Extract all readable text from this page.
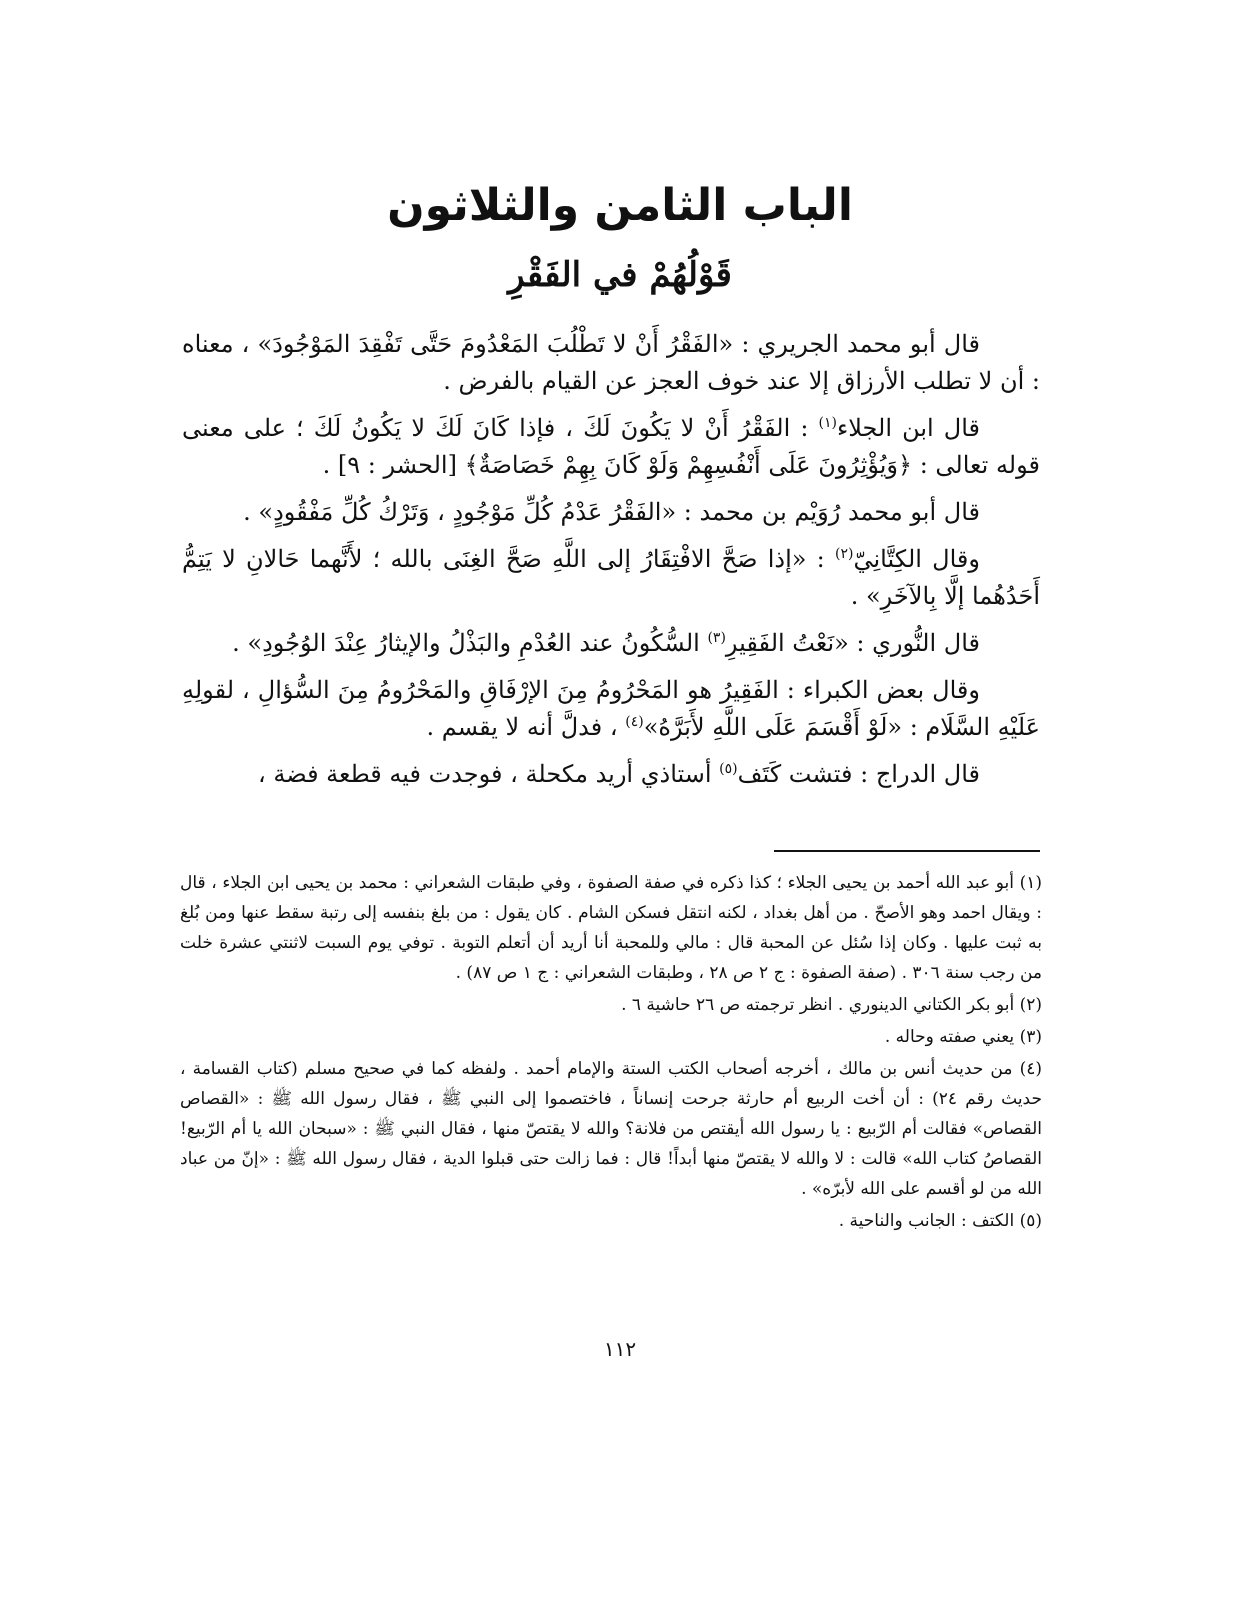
الباب الثامن والثلاثون
قَوْلُهُمْ في الفَقْرِ

قال أبو محمد الجريري : «الفَقْرُ أَنْ لا تَطْلُبَ المَعْدُومَ حَتَّى تَفْقِدَ المَوْجُودَ» ، معناه : أن لا تطلب الأرزاق إلا عند خوف العجز عن القيام بالفرض .

قال ابن الجلاء$^{(١)}$ : الفَقْرُ أَنْ لا يَكُونَ لَكَ ، فإذا كَانَ لَكَ لا يَكُونُ لَكَ ؛ على معنى قوله تعالى : ﴿وَيُؤْثِرُونَ عَلَى أَنْفُسِهِمْ وَلَوْ كَانَ بِهِمْ خَصَاصَةٌ﴾ [الحشر : ٩] .

قال أبو محمد رُوَيْم بن محمد : «الفَقْرُ عَدْمُ كُلِّ مَوْجُودٍ ، وَتَرْكُ كُلِّ مَفْقُودٍ» .

وقال الكِتَّانِيّ$^{(٢)}$ : «إذا صَحَّ الافْتِقَارُ إلى اللَّهِ صَحَّ الغِنَى بالله ؛ لأَنَّهما حَالانِ لا يَتِمُّ أَحَدُهُما إلَّا بِالآخَرِ» .

قال النُّوري : «نَعْتُ الفَقِيرِ$^{(٣)}$ السُّكُونُ عند العُدْمِ والبَذْلُ والإيثارُ عِنْدَ الوُجُودِ» .

وقال بعض الكبراء : الفَقِيرُ هو المَحْرُومُ مِنَ الإرْفَاقِ والمَحْرُومُ مِنَ السُّؤالِ ، لقولِهِ عَلَيْهِ السَّلَام : «لَوْ أَقْسَمَ عَلَى اللَّهِ لأَبَرَّهُ»$^{(٤)}$ ، فدلَّ أنه لا يقسم .

قال الدراج : فتشت كَتَف$^{(٥)}$ أستاذي أريد مكحلة ، فوجدت فيه قطعة فضة ،

(١) أبو عبد الله أحمد بن يحيى الجلاء ؛ كذا ذكره في صفة الصفوة ، وفي طبقات الشعراني : محمد بن يحيى ابن الجلاء ، قال : ويقال احمد وهو الأصحّ . من أهل بغداد ، لكنه انتقل فسكن الشام . كان يقول : من بلغ بنفسه إلى رتبة سقط عنها ومن بُلغ به ثبت عليها . وكان إذا سُئل عن المحبة قال : مالي وللمحبة أنا أريد أن أتعلم التوبة . توفي يوم السبت لاثنتي عشرة خلت من رجب سنة ٣٠٦ . (صفة الصفوة : ج ٢ ص ٢٨ ، وطبقات الشعراني : ج ١ ص ٨٧) .

(٢) أبو بكر الكتاني الدينوري . انظر ترجمته ص ٢٦ حاشية ٦ .

(٣) يعني صفته وحاله .

(٤) من حديث أنس بن مالك ، أخرجه أصحاب الكتب الستة والإمام أحمد . ولفظه كما في صحيح مسلم (كتاب القسامة ، حديث رقم ٢٤) : أن أخت الربيع أم حارثة جرحت إنساناً ، فاختصموا إلى النبي ﷺ ، فقال رسول الله ﷺ : «القصاص القصاص» فقالت أم الرّبيع : يا رسول الله أيقتص من فلانة؟ والله لا يقتصّ منها ، فقال النبي ﷺ : «سبحان الله يا أم الرّبيع! القصاصُ كتاب الله» قالت : لا والله لا يقتصّ منها أبداً! قال : فما زالت حتى قبلوا الدية ، فقال رسول الله ﷺ : «إنّ من عباد الله من لو أقسم على الله لأبرّه» .

(٥) الكتف : الجانب والناحية .

١١٢
